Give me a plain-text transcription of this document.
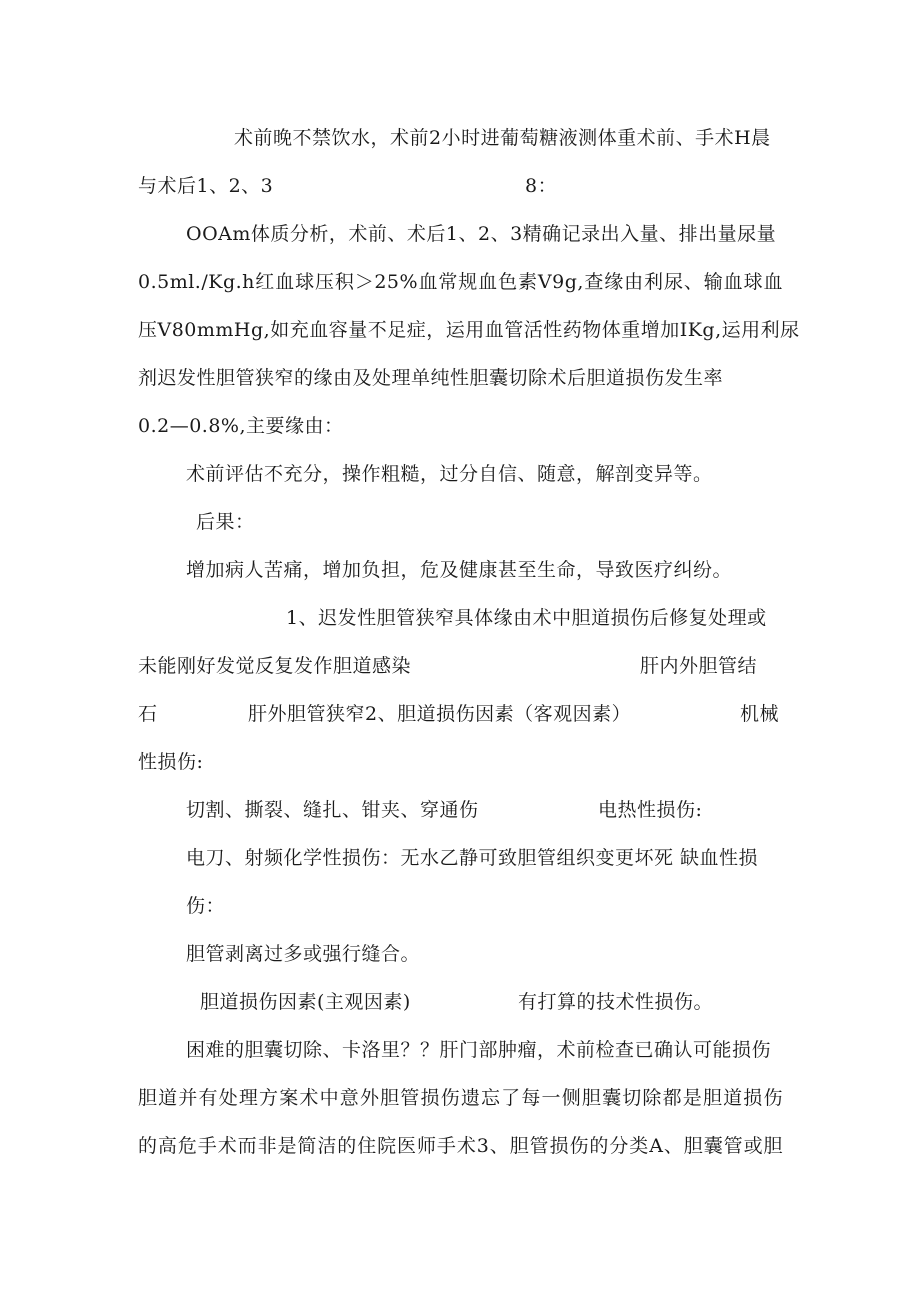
术前晚不禁饮水，术前2小时进葡萄糖液测体重术前、手术H晨
与术后1、2、3	8：
OOAm体质分析，术前、术后1、2、3精确记录出入量、排出量尿量
0.5ml./Kg.h红血球压积＞25%血常规血色素V9g,查缘由利尿、输血球血
压V80mmHg,如充血容量不足症，运用血管活性药物体重增加IKg,运用利尿
剂迟发性胆管狭窄的缘由及处理单纯性胆囊切除术后胆道损伤发生率
0.2—0.8%,主要缘由：
术前评估不充分，操作粗糙，过分自信、随意，解剖变异等。
后果：
增加病人苦痛，增加负担，危及健康甚至生命，导致医疗纠纷。
1、迟发性胆管狭窄具体缘由术中胆道损伤后修复处理或
未能刚好发觉反复发作胆道感染	肝内外胆管结
石	肝外胆管狭窄2、胆道损伤因素（客观因素）	机械
性损伤:
切割、撕裂、缝扎、钳夹、穿通伤	电热性损伤:
电刀、射频化学性损伤：无水乙静可致胆管组织变更坏死 缺血性损
伤：
胆管剥离过多或强行缝合。
胆道损伤因素(主观因素)	有打算的技术性损伤。
困难的胆囊切除、卡洛里？？肝门部肿瘤，术前检查已确认可能损伤
胆道并有处理方案术中意外胆管损伤遗忘了每一侧胆囊切除都是胆道损伤
的高危手术而非是简洁的住院医师手术3、胆管损伤的分类A、胆囊管或胆
